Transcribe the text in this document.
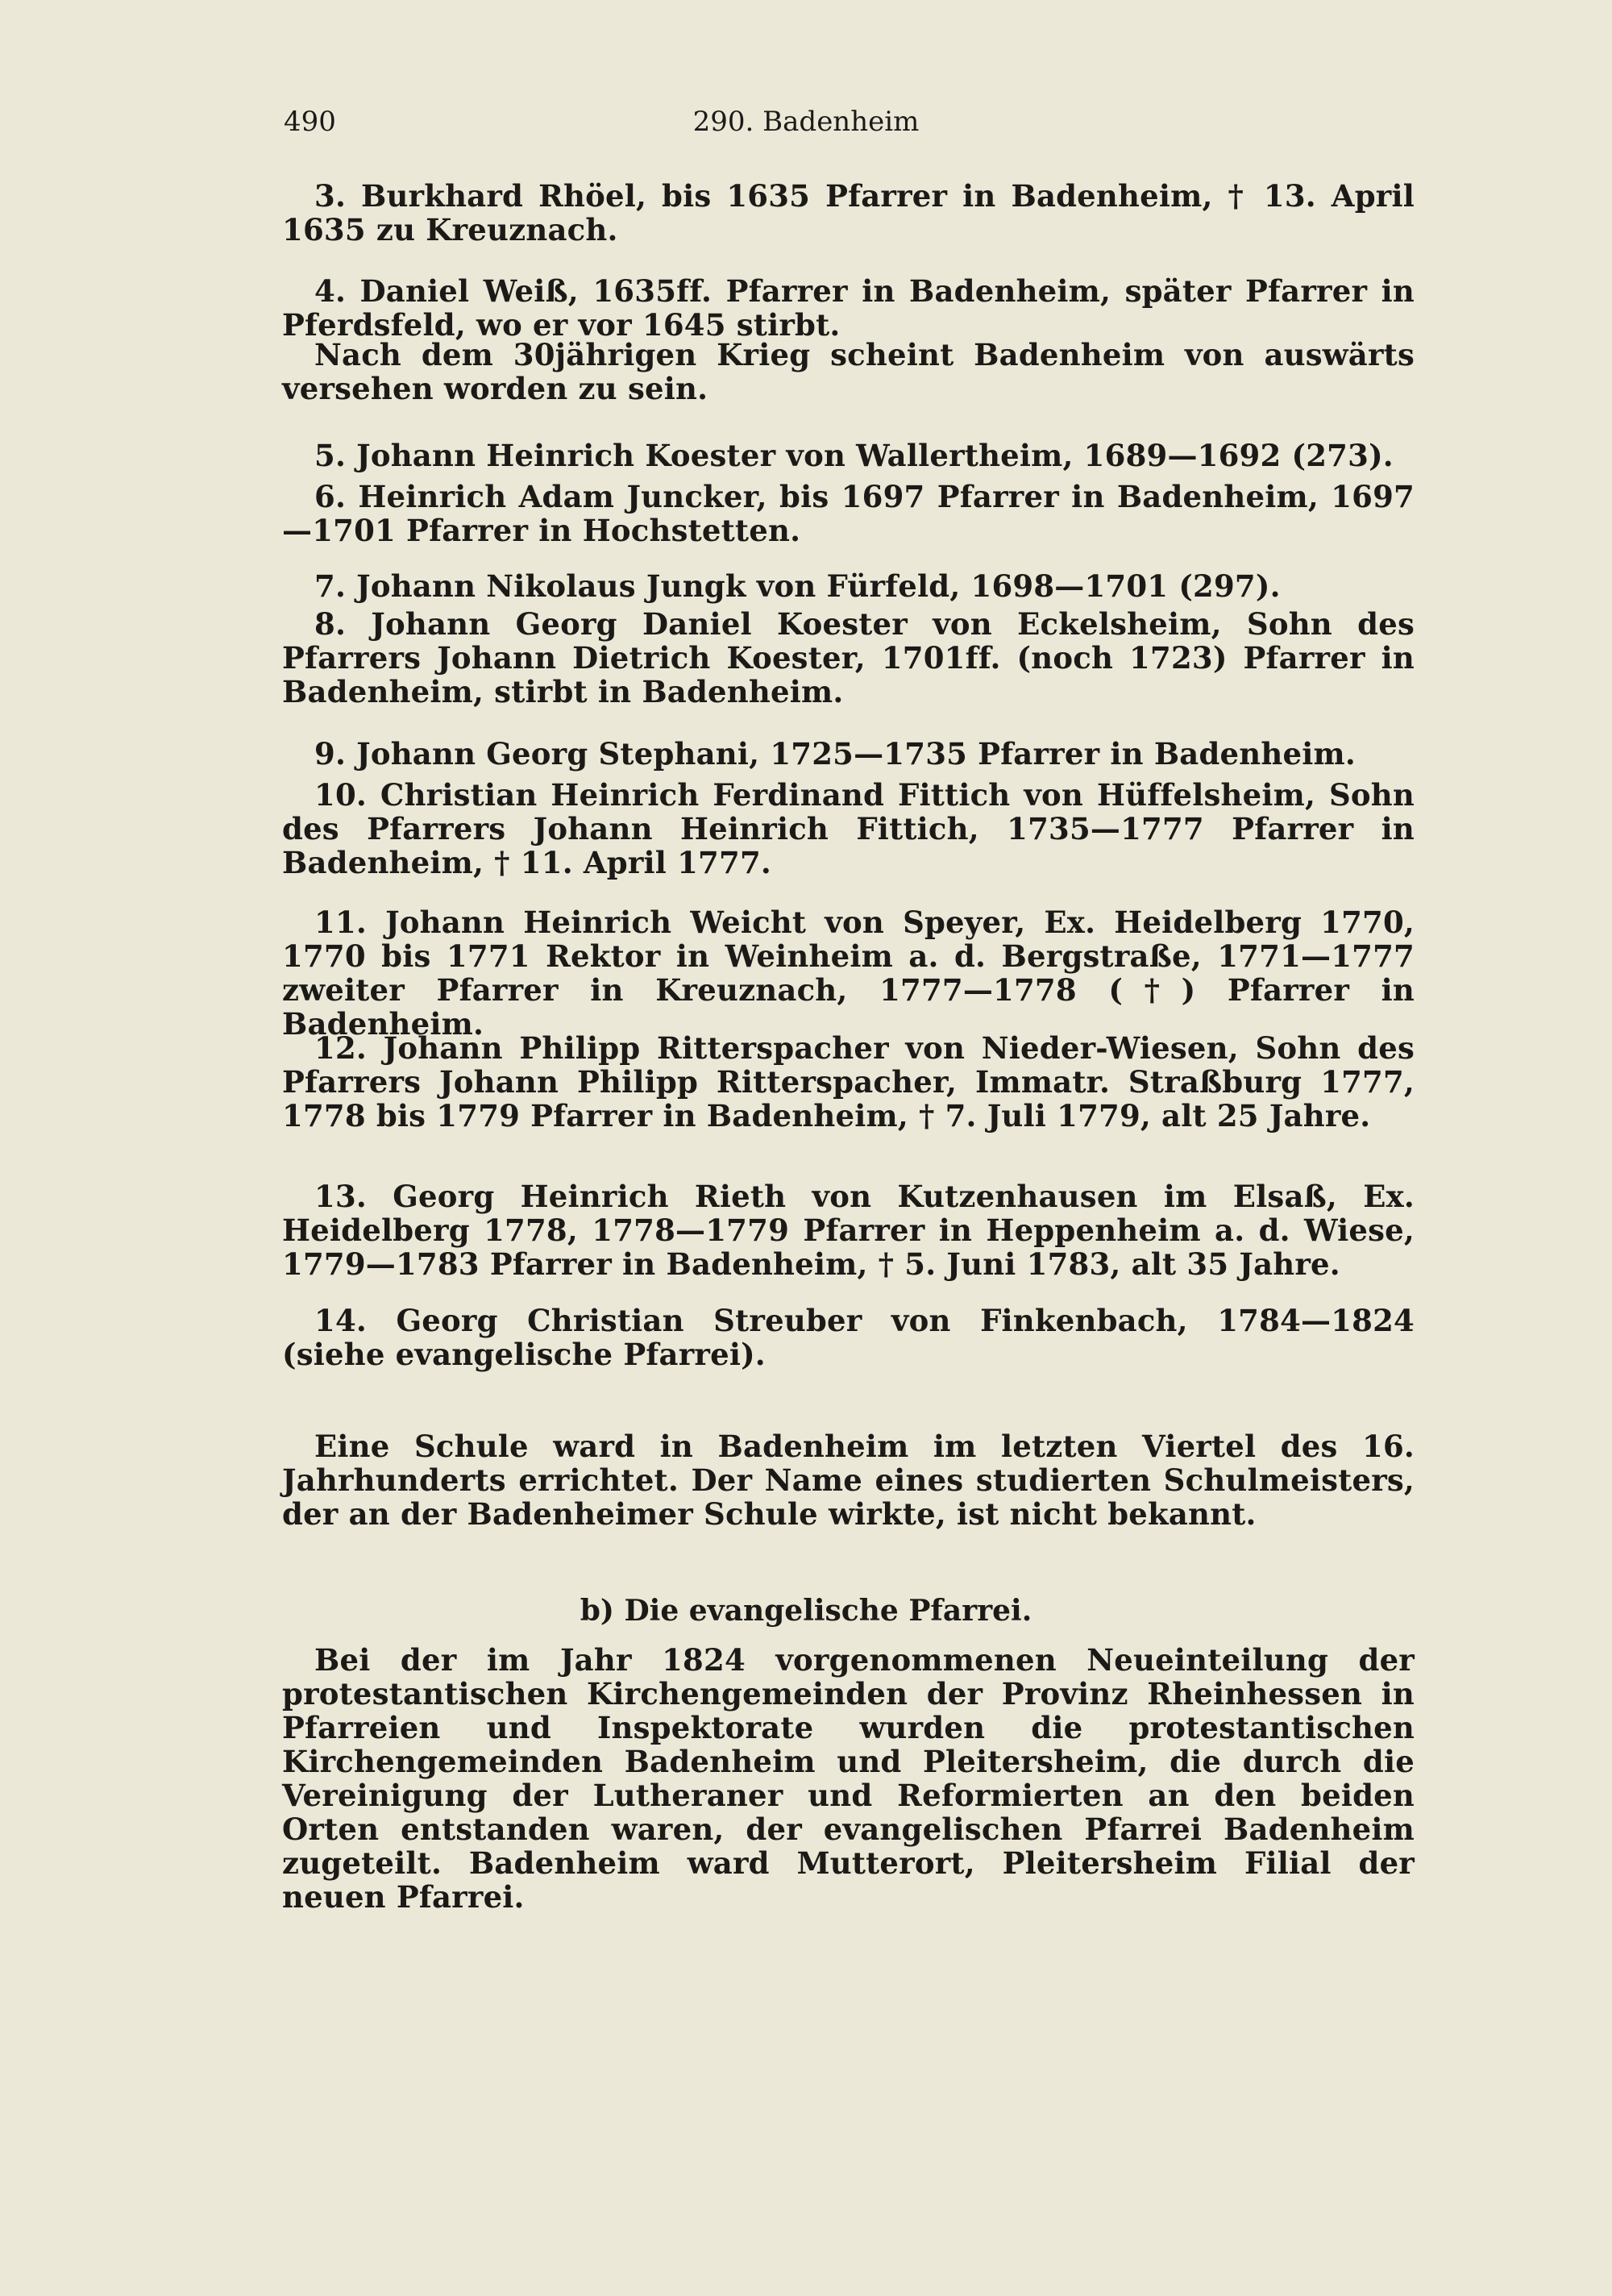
490	290. Badenheim

3. Burkhard Rhöel, bis 1635 Pfarrer in Badenheim, † 13. April 1635 zu Kreuznach.

4. Daniel Weiß, 1635ff. Pfarrer in Badenheim, später Pfarrer in Pferdsfeld, wo er vor 1645 stirbt.

Nach dem 30jährigen Krieg scheint Badenheim von auswärts versehen worden zu sein.

5. Johann Heinrich Koester von Wallertheim, 1689—1692 (273).

6. Heinrich Adam Juncker, bis 1697 Pfarrer in Badenheim, 1697—1701 Pfarrer in Hochstetten.

7. Johann Nikolaus Jungk von Fürfeld, 1698—1701 (297).

8. Johann Georg Daniel Koester von Eckelsheim, Sohn des Pfarrers Johann Dietrich Koester, 1701ff. (noch 1723) Pfarrer in Badenheim, stirbt in Badenheim.

9. Johann Georg Stephani, 1725—1735 Pfarrer in Badenheim.

10. Christian Heinrich Ferdinand Fittich von Hüffelsheim, Sohn des Pfarrers Johann Heinrich Fittich, 1735—1777 Pfarrer in Badenheim, † 11. April 1777.

11. Johann Heinrich Weicht von Speyer, Ex. Heidelberg 1770, 1770 bis 1771 Rektor in Weinheim a. d. Bergstraße, 1771—1777 zweiter Pfarrer in Kreuznach, 1777—1778 (†) Pfarrer in Badenheim.

12. Johann Philipp Ritterspacher von Nieder-Wiesen, Sohn des Pfarrers Johann Philipp Ritterspacher, Immatr. Straßburg 1777, 1778 bis 1779 Pfarrer in Badenheim, † 7. Juli 1779, alt 25 Jahre.

13. Georg Heinrich Rieth von Kutzenhausen im Elsaß, Ex. Heidelberg 1778, 1778—1779 Pfarrer in Heppenheim a. d. Wiese, 1779—1783 Pfarrer in Badenheim, † 5. Juni 1783, alt 35 Jahre.

14. Georg Christian Streuber von Finkenbach, 1784—1824 (siehe evangelische Pfarrei).

Eine Schule ward in Badenheim im letzten Viertel des 16. Jahrhunderts errichtet. Der Name eines studierten Schulmeisters, der an der Badenheimer Schule wirkte, ist nicht bekannt.

b) Die evangelische Pfarrei.

Bei der im Jahr 1824 vorgenommenen Neueinteilung der protestantischen Kirchengemeinden der Provinz Rheinhessen in Pfarreien und Inspektorate wurden die protestantischen Kirchengemeinden Badenheim und Pleitersheim, die durch die Vereinigung der Lutheraner und Reformierten an den beiden Orten entstanden waren, der evangelischen Pfarrei Badenheim zugeteilt. Badenheim ward Mutterort, Pleitersheim Filial der neuen Pfarrei.
